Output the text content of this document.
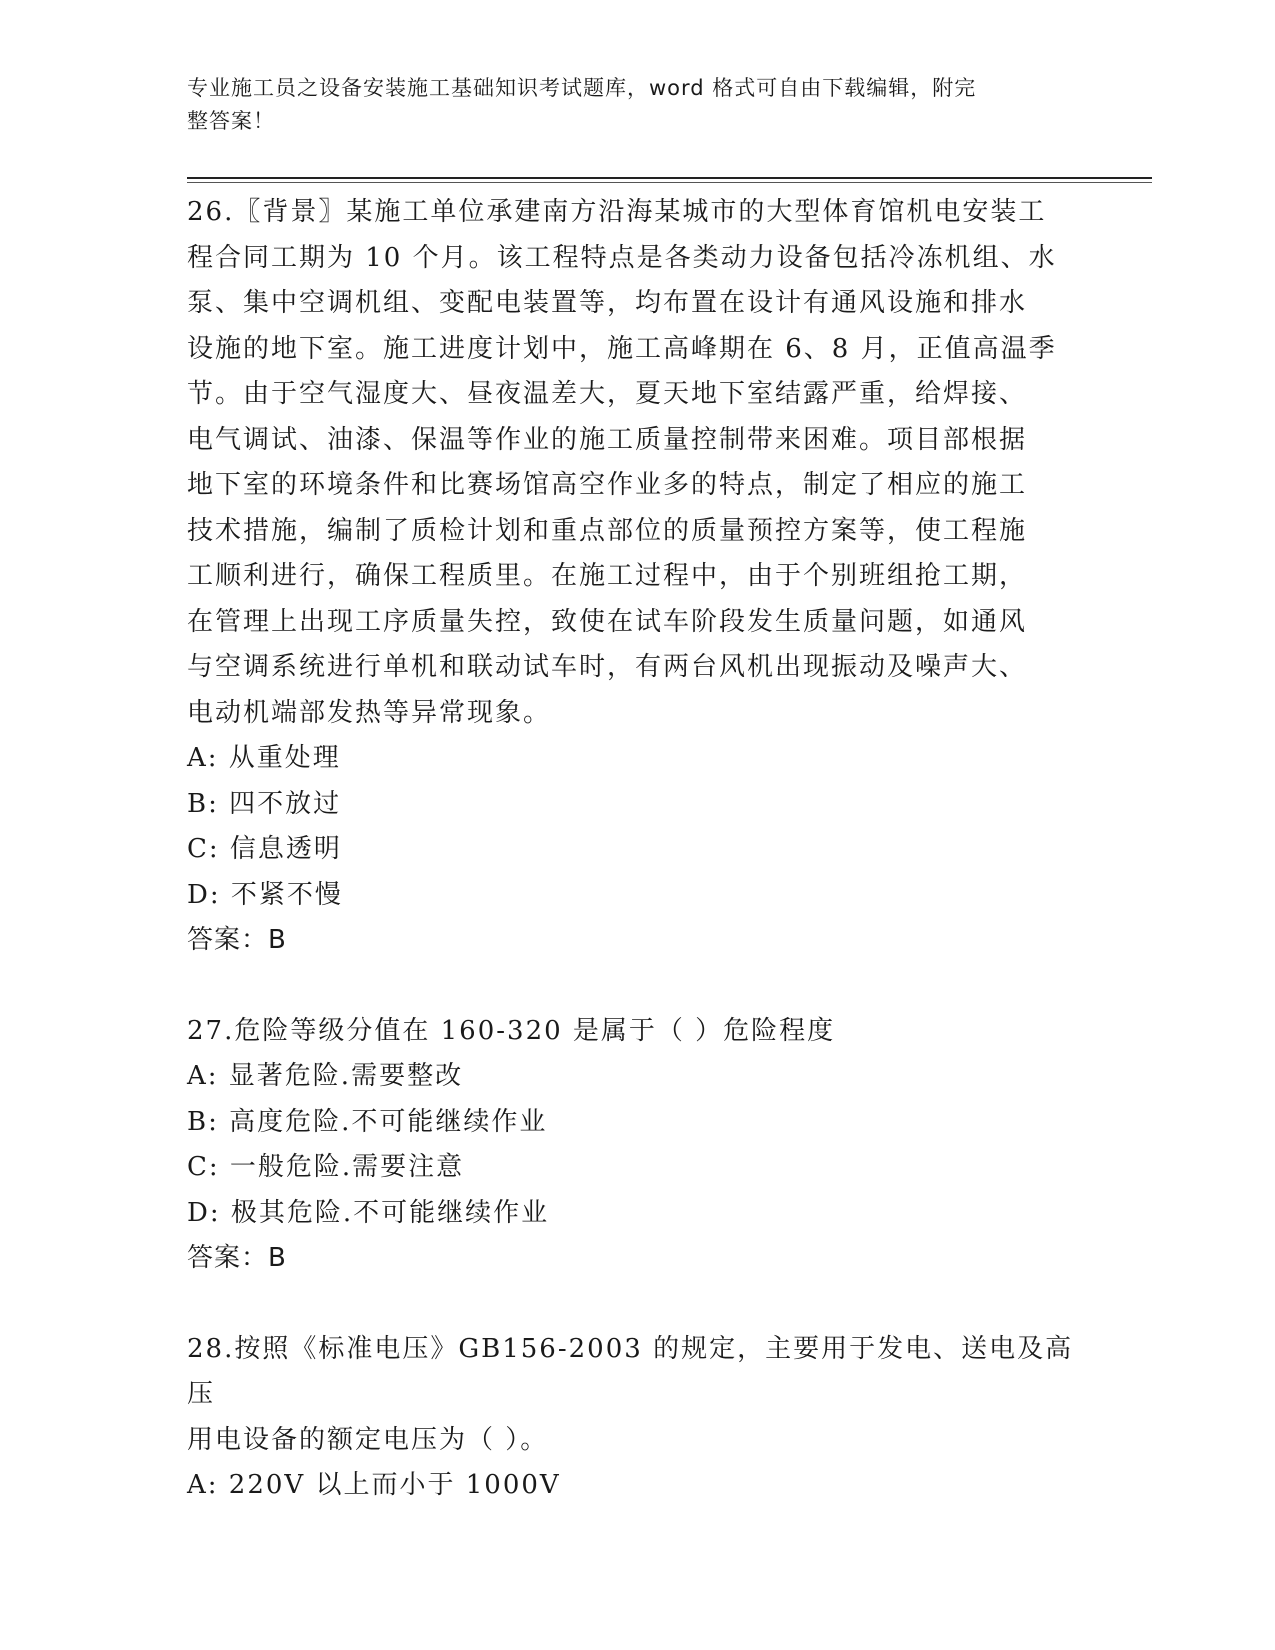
专业施工员之设备安装施工基础知识考试题库，word 格式可自由下载编辑，附完
整答案！

26.〖背景〗某施工单位承建南方沿海某城市的大型体育馆机电安装工

程合同工期为 10 个月。该工程特点是各类动力设备包括冷冻机组、水

泵、集中空调机组、变配电装置等，均布置在设计有通风设施和排水

设施的地下室。施工进度计划中，施工高峰期在 6、8 月，正值高温季

节。由于空气湿度大、昼夜温差大，夏天地下室结露严重，给焊接、

电气调试、油漆、保温等作业的施工质量控制带来困难。项目部根据

地下室的环境条件和比赛场馆高空作业多的特点，制定了相应的施工

技术措施，编制了质检计划和重点部位的质量预控方案等，使工程施

工顺利进行，确保工程质里。在施工过程中，由于个别班组抢工期，

在管理上出现工序质量失控，致使在试车阶段发生质量问题，如通风

与空调系统进行单机和联动试车时，有两台风机出现振动及噪声大、

电动机端部发热等异常现象。

A: 从重处理

B: 四不放过

C: 信息透明

D: 不紧不慢

答案：B

27.危险等级分值在 160-320 是属于（ ）危险程度

A: 显著危险.需要整改

B: 高度危险.不可能继续作业

C: 一般危险.需要注意

D: 极其危险.不可能继续作业

答案：B

28.按照《标准电压》GB156-2003 的规定，主要用于发电、送电及高压

用电设备的额定电压为（ ）。

A: 220V 以上而小于 1000V
